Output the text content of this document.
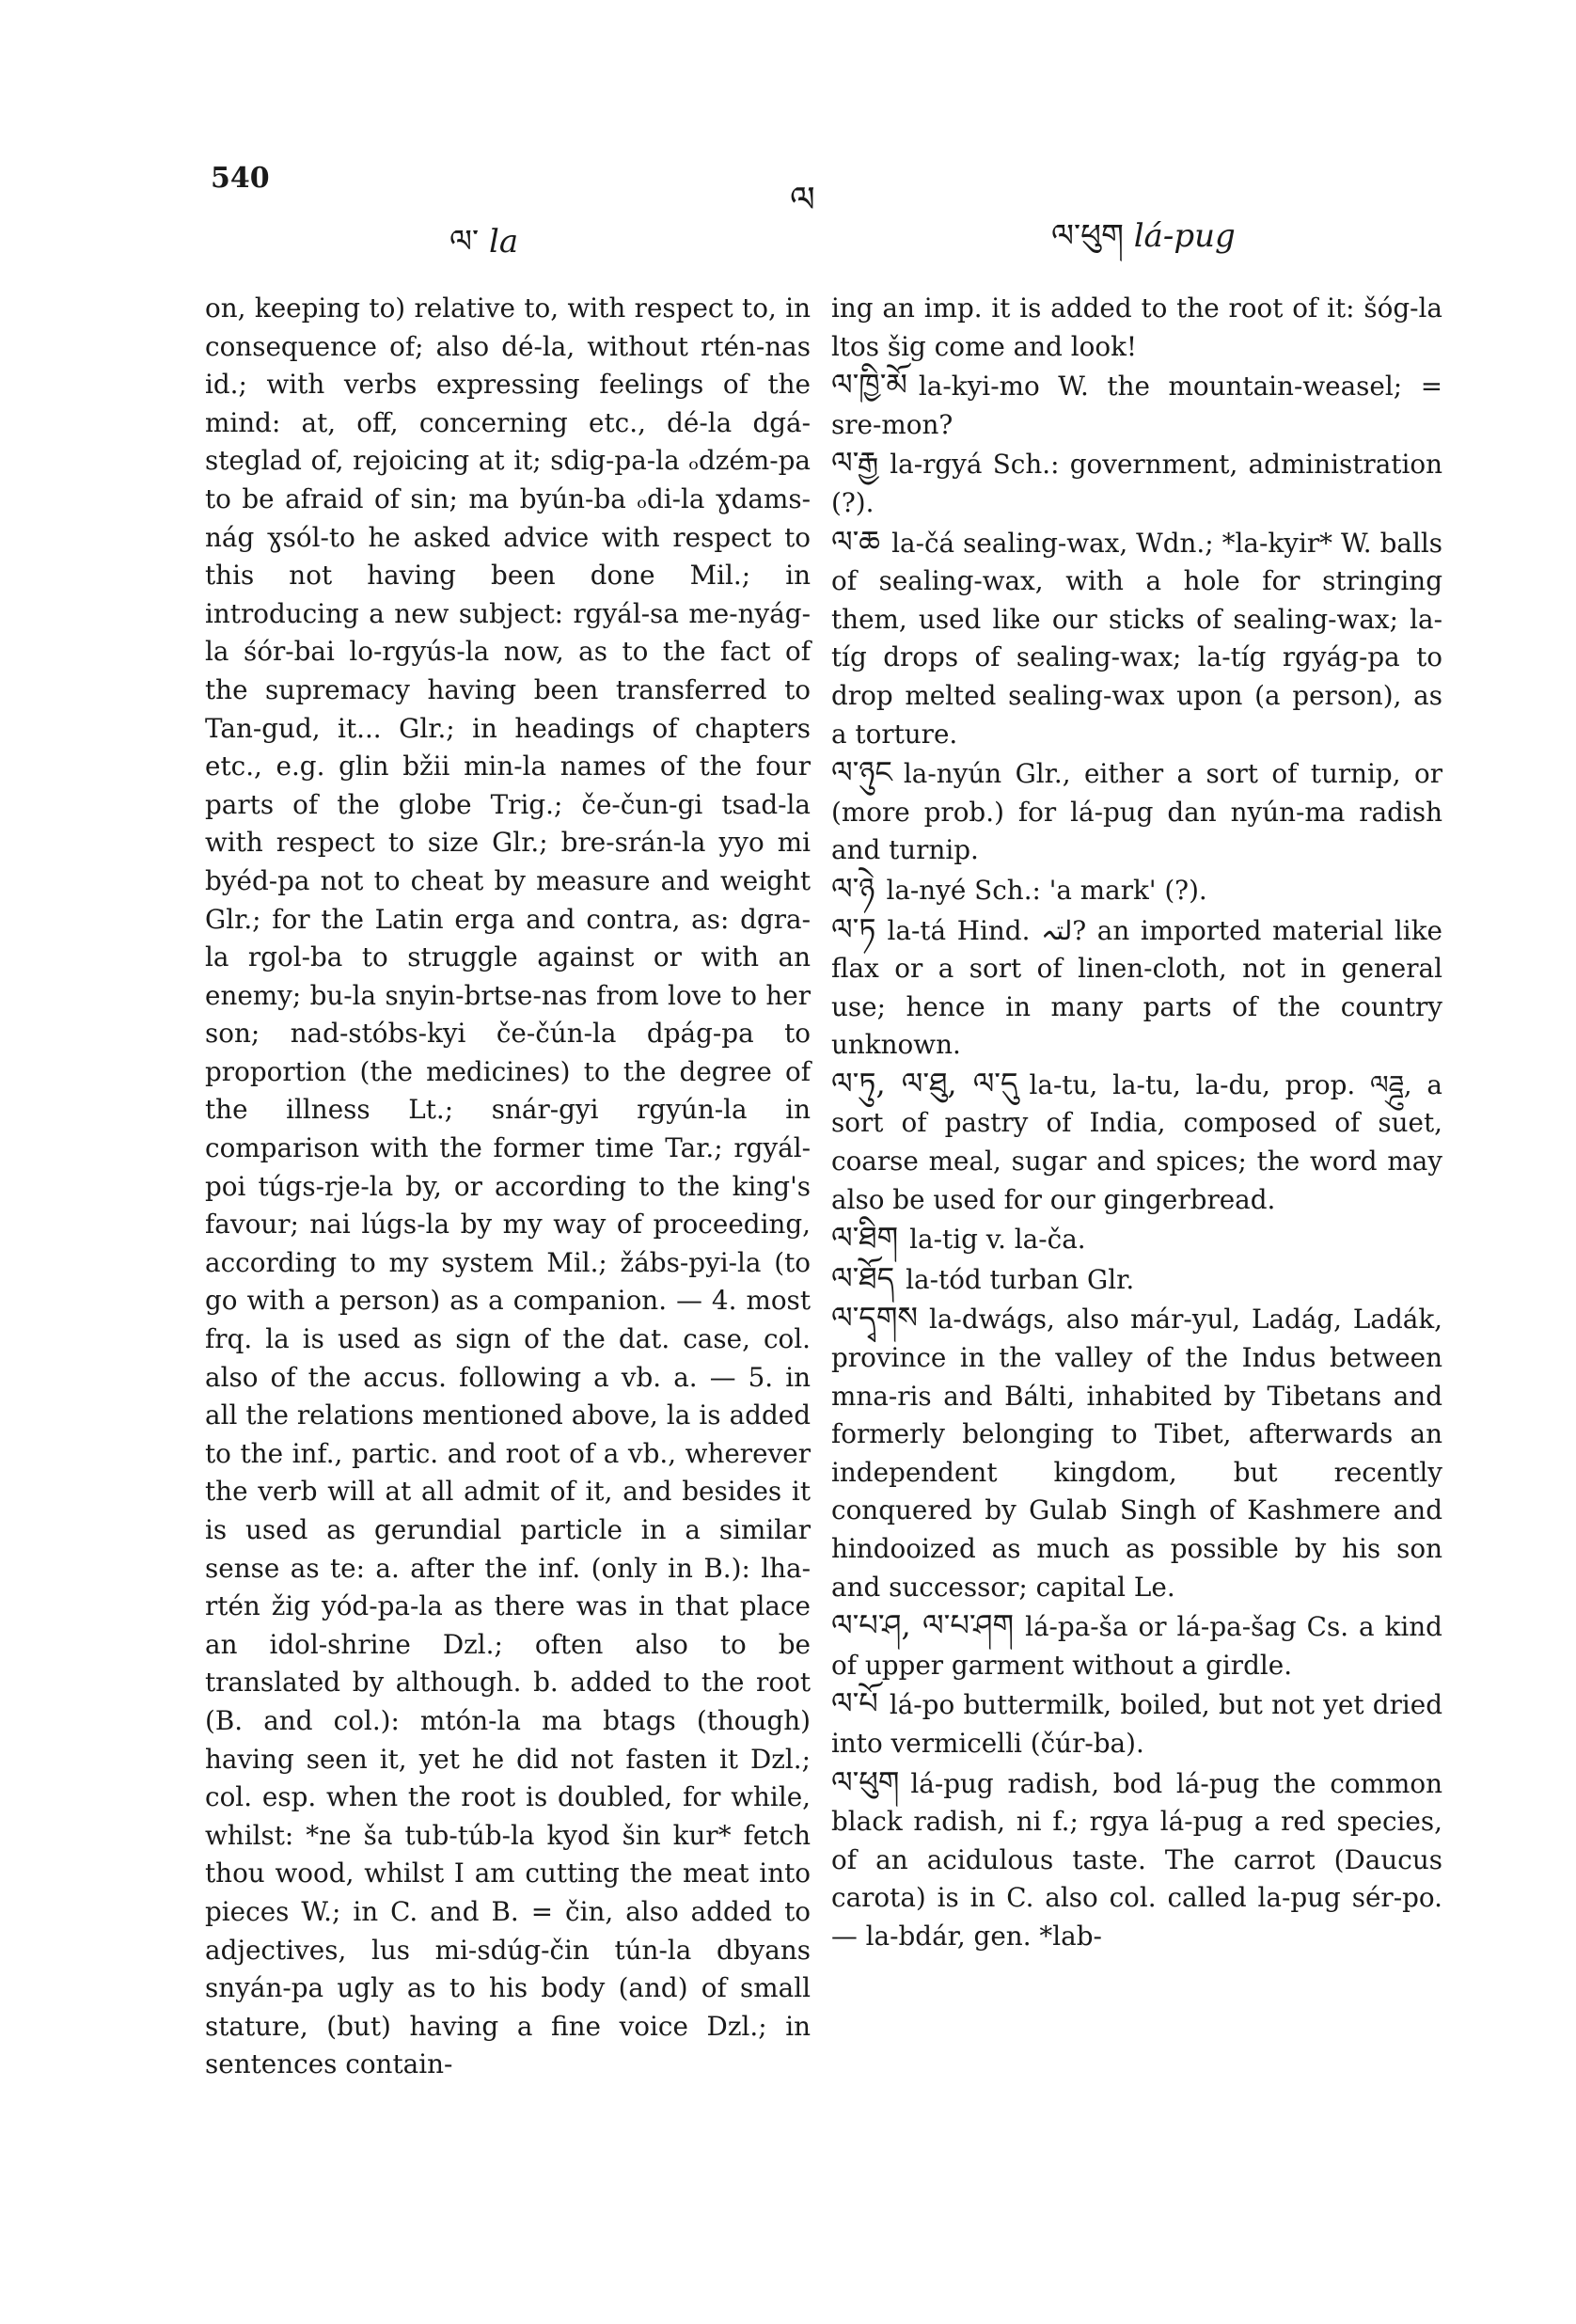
540
ལ་ la
ལ
ལ་ཕུག lá-pug

on, keeping to) relative to, with respect to, in consequence of; also dé-la, without rtén-nas id.; with verbs expressing feelings of the mind: at, off, concerning etc., dé-la dgá-steglad of, rejoicing at it; sdig-pa-la ₒdzém-pa to be afraid of sin; ma byún-ba ₒdi-la ɣdams-nág ɣsól-to he asked advice with respect to this not having been done Mil.; in introducing a new subject: rgyál-sa me-nyág-la śór-bai lo-rgyús-la now, as to the fact of the supremacy having been transferred to Tan-gud, it... Glr.; in headings of chapters etc., e.g. glin bžii min-la names of the four parts of the globe Trig.; če-čun-gi tsad-la with respect to size Glr.; bre-srán-la yyo mi byéd-pa not to cheat by measure and weight Glr.; for the Latin erga and contra, as: dgra-la rgol-ba to struggle against or with an enemy; bu-la snyin-brtse-nas from love to her son; nad-stóbs-kyi če-čún-la dpág-pa to proportion (the medicines) to the degree of the illness Lt.; snár-gyi rgyún-la in comparison with the former time Tar.; rgyál-poi túgs-rje-la by, or according to the king's favour; nai lúgs-la by my way of proceeding, according to my system Mil.; žábs-pyi-la (to go with a person) as a companion. — 4. most frq. la is used as sign of the dat. case, col. also of the accus. following a vb. a. — 5. in all the relations mentioned above, la is added to the inf., partic. and root of a vb., wherever the verb will at all admit of it, and besides it is used as gerundial particle in a similar sense as te: a. after the inf. (only in B.): lha-rtén žig yód-pa-la as there was in that place an idol-shrine Dzl.; often also to be translated by although. b. added to the root (B. and col.): mtón-la ma btags (though) having seen it, yet he did not fasten it Dzl.; col. esp. when the root is doubled, for while, whilst: *ne ša tub-túb-la kyod šin kur* fetch thou wood, whilst I am cutting the meat into pieces W.; in C. and B. = čin, also added to adjectives, lus mi-sdúg-čin tún-la dbyans snyán-pa ugly as to his body (and) of small stature, (but) having a fine voice Dzl.; in sentences contain-

ing an imp. it is added to the root of it: šóg-la ltos šig come and look!

ལ་ཁྱི་མོ la-kyi-mo W. the mountain-weasel; = sre-mon?

ལ་རྒྱ la-rgyá Sch.: government, administration (?).

ལ་ཆ la-čá sealing-wax, Wdn.; *la-kyir* W. balls of sealing-wax, with a hole for stringing them, used like our sticks of sealing-wax; la-tíg drops of sealing-wax; la-tíg rgyág-pa to drop melted sealing-wax upon (a person), as a torture.

ལ་ཉུང la-nyún Glr., either a sort of turnip, or (more prob.) for lá-pug dan nyún-ma radish and turnip.

ལ་ཉེ la-nyé Sch.: 'a mark' (?).

ལ་ཏ la-tá Hind. لتہ? an imported material like flax or a sort of linen-cloth, not in general use; hence in many parts of the country unknown.

ལ་ཏུ, ལ་ཐུ, ལ་དུ la-tu, la-tu, la-du, prop. ལཌྜུ, a sort of pastry of India, composed of suet, coarse meal, sugar and spices; the word may also be used for our gingerbread.

ལ་ཐིག la-tig v. la-ča.

ལ་ཐོད la-tód turban Glr.

ལ་དྭགས la-dwágs, also már-yul, Ladág, Ladák, province in the valley of the Indus between mna-ris and Bálti, inhabited by Tibetans and formerly belonging to Tibet, afterwards an independent kingdom, but recently conquered by Gulab Singh of Kashmere and hindooized as much as possible by his son and successor; capital Le.

ལ་པ་ཤ, ལ་པ་ཤག lá-pa-ša or lá-pa-šag Cs. a kind of upper garment without a girdle.

ལ་པོ lá-po buttermilk, boiled, but not yet dried into vermicelli (čúr-ba).

ལ་ཕུག lá-pug radish, bod lá-pug the common black radish, ni f.; rgya lá-pug a red species, of an acidulous taste. The carrot (Daucus carota) is in C. also col. called la-pug sér-po. — la-bdár, gen. *lab-
